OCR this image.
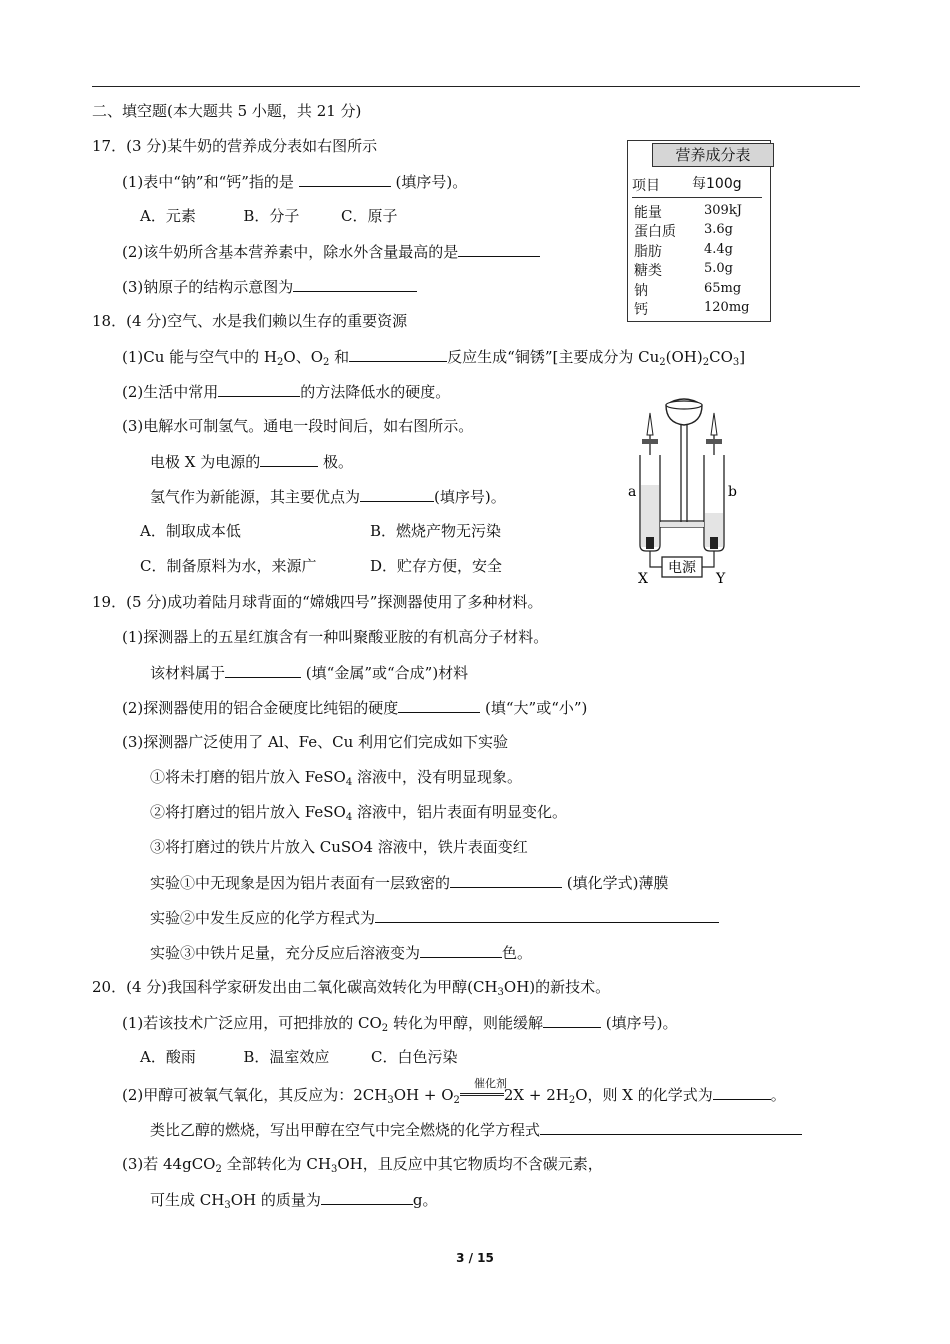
二、填空题(本大题共 5 小题，共 21 分)
17．(3 分)某牛奶的营养成分表如右图所示
(1)表中“钠”和“钙”指的是	(填序号)。
A．元素	B．分子	C．原子
(2)该牛奶所含基本营养素中，除水外含量最高的是
(3)钠原子的结构示意图为
营养成分表
项目 每100g
能量	309kJ
蛋白质 3.6g
脂肪	4.4g
糖类	5.0g
钠	65mg
钙	120mg
18．(4 分)空气、水是我们赖以生存的重要资源
(1)Cu 能与空气中的 $H_2O$、$O_2$ 和	反应生成“铜锈”[主要成分为 $Cu_2(OH)_2CO_3$]
(2)生活中常用	的方法降低水的硬度。
(3)电解水可制氢气。通电一段时间后，如右图所示。
电极 X 为电源的	极。
氢气作为新能源，其主要优点为	(填序号)。
A．制取成本低	B．燃烧产物无污染
C．制备原料为水，来源广	D．贮存方便，安全	电源
a	b
X	Y
19．(5 分)成功着陆月球背面的“嫦娥四号”探测器使用了多种材料。
(1)探测器上的五星红旗含有一种叫聚酸亚胺的有机高分子材料。
该材料属于	(填“金属”或“合成”)材料
(2)探测器使用的铝合金硬度比纯铝的硬度	(填“大”或“小”)
(3)探测器广泛使用了 Al、Fe、Cu 利用它们完成如下实验
①将未打磨的铝片放入 FeSO$_4$ 溶液中，没有明显现象。
②将打磨过的铝片放入 FeSO$_4$ 溶液中，铝片表面有明显变化。
③将打磨过的铁片片放入 CuSO4 溶液中，铁片表面变红
实验①中无现象是因为铝片表面有一层致密的	(填化学式)薄膜
实验②中发生反应的化学方程式为
实验③中铁片足量，充分反应后溶液变为	色。
20．(4 分)我国科学家研发出由二氧化碳高效转化为甲醇$(CH_3OH)$的新技术。
(1)若该技术广泛应用，可把排放的 $CO_2$ 转化为甲醇，则能缓解	(填序号)。
A．酸雨	B．温室效应	C．白色污染
催化剂
(2)甲醇可被氧气氧化，其反应为：$2CH_3OH + O_2$	$2X + 2H_2O$，则 X 的化学式为	。
类比乙醇的燃烧，写出甲醇在空气中完全燃烧的化学方程式
(3)若 44gCO$_2$ 全部转化为 $CH_3OH$，且反应中其它物质均不含碳元素，
可生成 $CH_3OH$ 的质量为	g。
3 / 15
